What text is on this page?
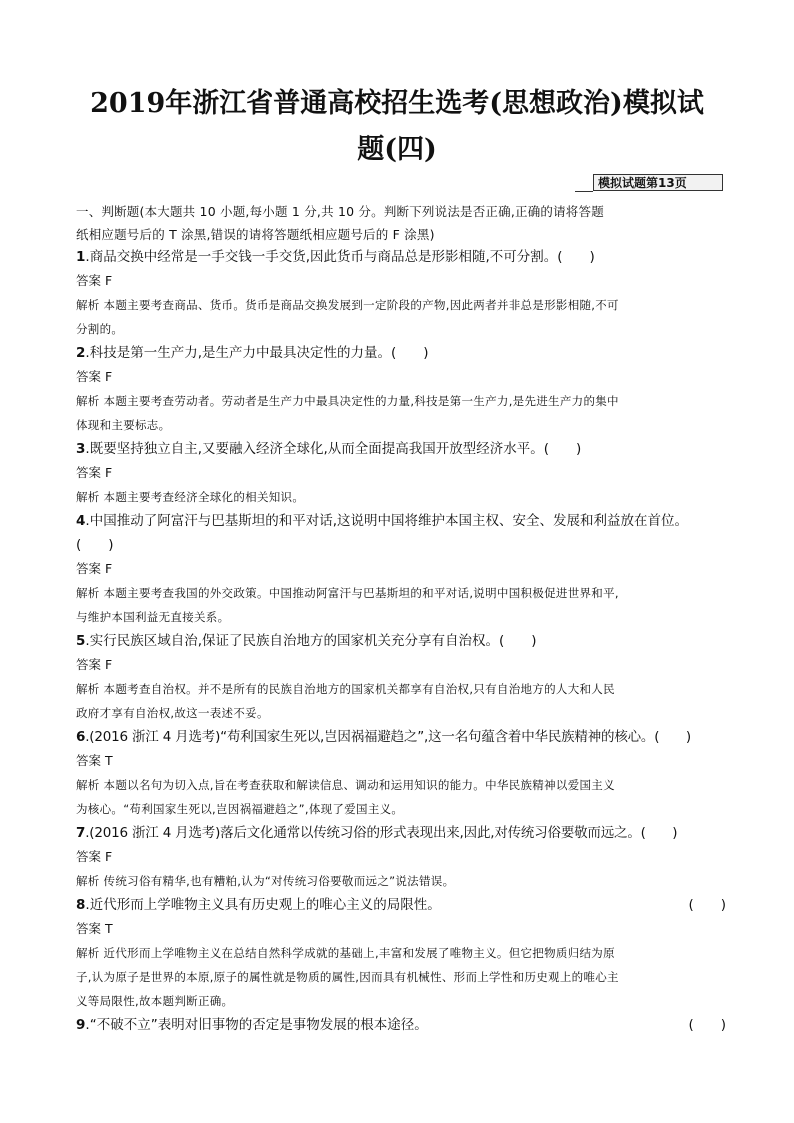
2019年浙江省普通高校招生选考(思想政治)模拟试
题(四)
模拟试题第13页
一、判断题(本大题共 10 小题,每小题 1 分,共 10 分。判断下列说法是否正确,正确的请将答题
纸相应题号后的 T 涂黑,错误的请将答题纸相应题号后的 F 涂黑)
1.商品交换中经常是一手交钱一手交货,因此货币与商品总是形影相随,不可分割。(　　)
答案 F
解析 本题主要考查商品、货币。货币是商品交换发展到一定阶段的产物,因此两者并非总是形影相随,不可
分割的。
2.科技是第一生产力,是生产力中最具决定性的力量。(　　)
答案 F
解析 本题主要考查劳动者。劳动者是生产力中最具决定性的力量,科技是第一生产力,是先进生产力的集中
体现和主要标志。
3.既要坚持独立自主,又要融入经济全球化,从而全面提高我国开放型经济水平。(　　)
答案 F
解析 本题主要考查经济全球化的相关知识。
4.中国推动了阿富汗与巴基斯坦的和平对话,这说明中国将维护本国主权、安全、发展和利益放在首位。
(　　)
答案 F
解析 本题主要考查我国的外交政策。中国推动阿富汗与巴基斯坦的和平对话,说明中国积极促进世界和平,
与维护本国利益无直接关系。
5.实行民族区域自治,保证了民族自治地方的国家机关充分享有自治权。(　　)
答案 F
解析 本题考查自治权。并不是所有的民族自治地方的国家机关都享有自治权,只有自治地方的人大和人民
政府才享有自治权,故这一表述不妥。
6.(2016 浙江 4 月选考)“苟利国家生死以,岂因祸福避趋之”,这一名句蕴含着中华民族精神的核心。(　　)
答案 T
解析 本题以名句为切入点,旨在考查获取和解读信息、调动和运用知识的能力。中华民族精神以爱国主义
为核心。“苟利国家生死以,岂因祸福避趋之”,体现了爱国主义。
7.(2016 浙江 4 月选考)落后文化通常以传统习俗的形式表现出来,因此,对传统习俗要敬而远之。(　　)
答案 F
解析 传统习俗有精华,也有糟粕,认为“对传统习俗要敬而远之”说法错误。
8.近代形而上学唯物主义具有历史观上的唯心主义的局限性。	(　　)
答案 T
解析 近代形而上学唯物主义在总结自然科学成就的基础上,丰富和发展了唯物主义。但它把物质归结为原
子,认为原子是世界的本原,原子的属性就是物质的属性,因而具有机械性、形而上学性和历史观上的唯心主
义等局限性,故本题判断正确。
9.“不破不立”表明对旧事物的否定是事物发展的根本途径。	(　　)
